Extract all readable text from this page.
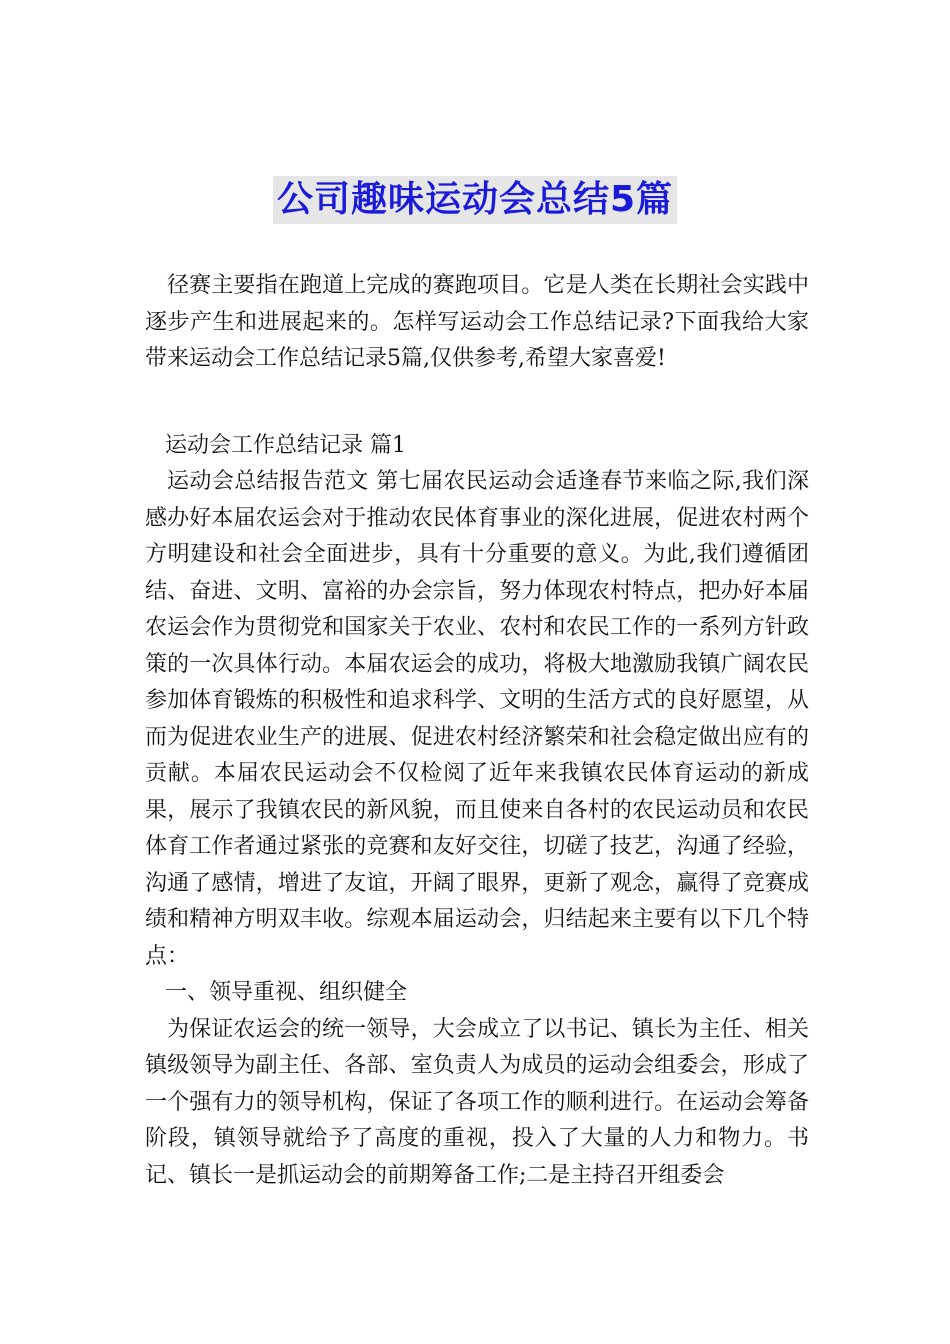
公司趣味运动会总结5篇

径赛主要指在跑道上完成的赛跑项目。它是人类在长期社会实践中逐步产生和进展起来的。怎样写运动会工作总结记录?下面我给大家带来运动会工作总结记录5篇,仅供参考,希望大家喜爱!

运动会工作总结记录 篇1

运动会总结报告范文 第七届农民运动会适逢春节来临之际,我们深感办好本届农运会对于推动农民体育事业的深化进展，促进农村两个方明建设和社会全面进步，具有十分重要的意义。为此,我们遵循团结、奋进、文明、富裕的办会宗旨，努力体现农村特点，把办好本届农运会作为贯彻党和国家关于农业、农村和农民工作的一系列方针政策的一次具体行动。本届农运会的成功，将极大地激励我镇广阔农民参加体育锻炼的积极性和追求科学、文明的生活方式的良好愿望，从而为促进农业生产的进展、促进农村经济繁荣和社会稳定做出应有的贡献。本届农民运动会不仅检阅了近年来我镇农民体育运动的新成果，展示了我镇农民的新风貌，而且使来自各村的农民运动员和农民体育工作者通过紧张的竞赛和友好交往，切磋了技艺，沟通了经验，沟通了感情，增进了友谊，开阔了眼界，更新了观念，赢得了竞赛成绩和精神方明双丰收。综观本届运动会，归结起来主要有以下几个特点：

一、领导重视、组织健全

为保证农运会的统一领导，大会成立了以书记、镇长为主任、相关镇级领导为副主任、各部、室负责人为成员的运动会组委会，形成了一个强有力的领导机构，保证了各项工作的顺利进行。在运动会筹备阶段，镇领导就给予了高度的重视，投入了大量的人力和物力。书记、镇长一是抓运动会的前期筹备工作;二是主持召开组委会
